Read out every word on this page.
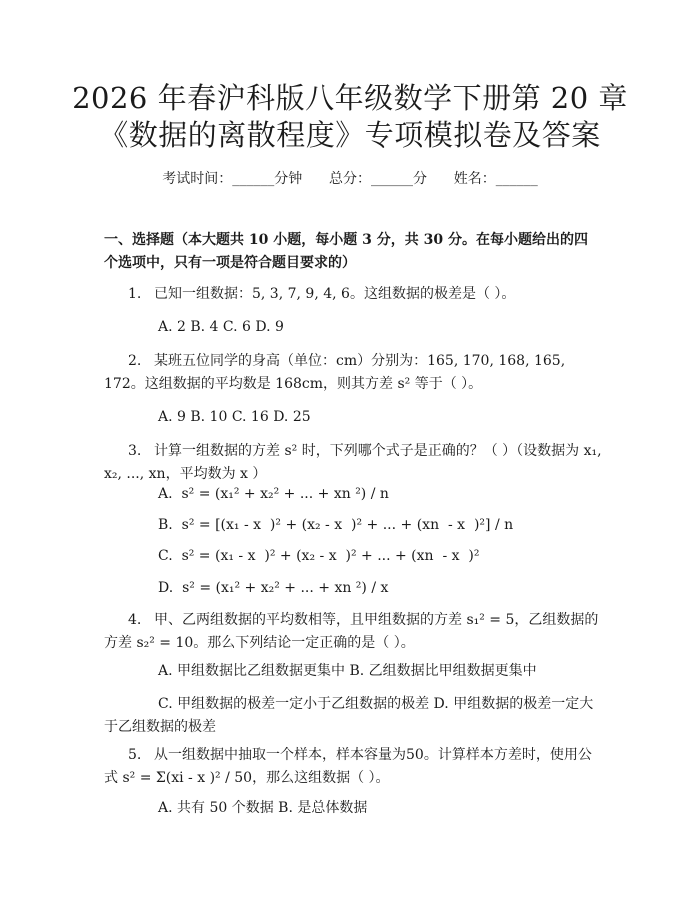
2026 年春沪科版八年级数学下册第 20 章
《数据的离散程度》专项模拟卷及答案
考试时间：______分钟 总分：______分 姓名：______
一、选择题（本大题共 10 小题，每小题 3 分，共 30 分。在每小题给出的四个选项中，只有一项是符合题目要求的）
1. 已知一组数据：5, 3, 7, 9, 4, 6。这组数据的极差是（ ）。
A. 2 B. 4 C. 6 D. 9
2. 某班五位同学的身高（单位：cm）分别为：165, 170, 168, 165, 172。这组数据的平均数是 168cm，则其方差 s² 等于（ ）。
A. 9 B. 10 C. 16 D. 25
3. 计算一组数据的方差 s² 时，下列哪个式子是正确的？（ ）（设数据为 x₁, x₂, ..., xn，平均数为 x ）
A.  s² = (x₁² + x₂² + ... + xn ²) / n
B.  s² = [(x₁ - x  )² + (x₂ - x  )² + ... + (xn  - x  )²] / n
C.  s² = (x₁ - x  )² + (x₂ - x  )² + ... + (xn  - x  )²
D.  s² = (x₁² + x₂² + ... + xn ²) / x
4. 甲、乙两组数据的平均数相等，且甲组数据的方差 s₁² = 5，乙组数据的方差 s₂² = 10。那么下列结论一定正确的是（ ）。
A. 甲组数据比乙组数据更集中 B. 乙组数据比甲组数据更集中
C. 甲组数据的极差一定小于乙组数据的极差 D. 甲组数据的极差一定大于乙组数据的极差
5. 从一组数据中抽取一个样本，样本容量为50。计算样本方差时，使用公式 s² = Σ(xi - x )² / 50，那么这组数据（ ）。
A. 共有 50 个数据 B. 是总体数据
